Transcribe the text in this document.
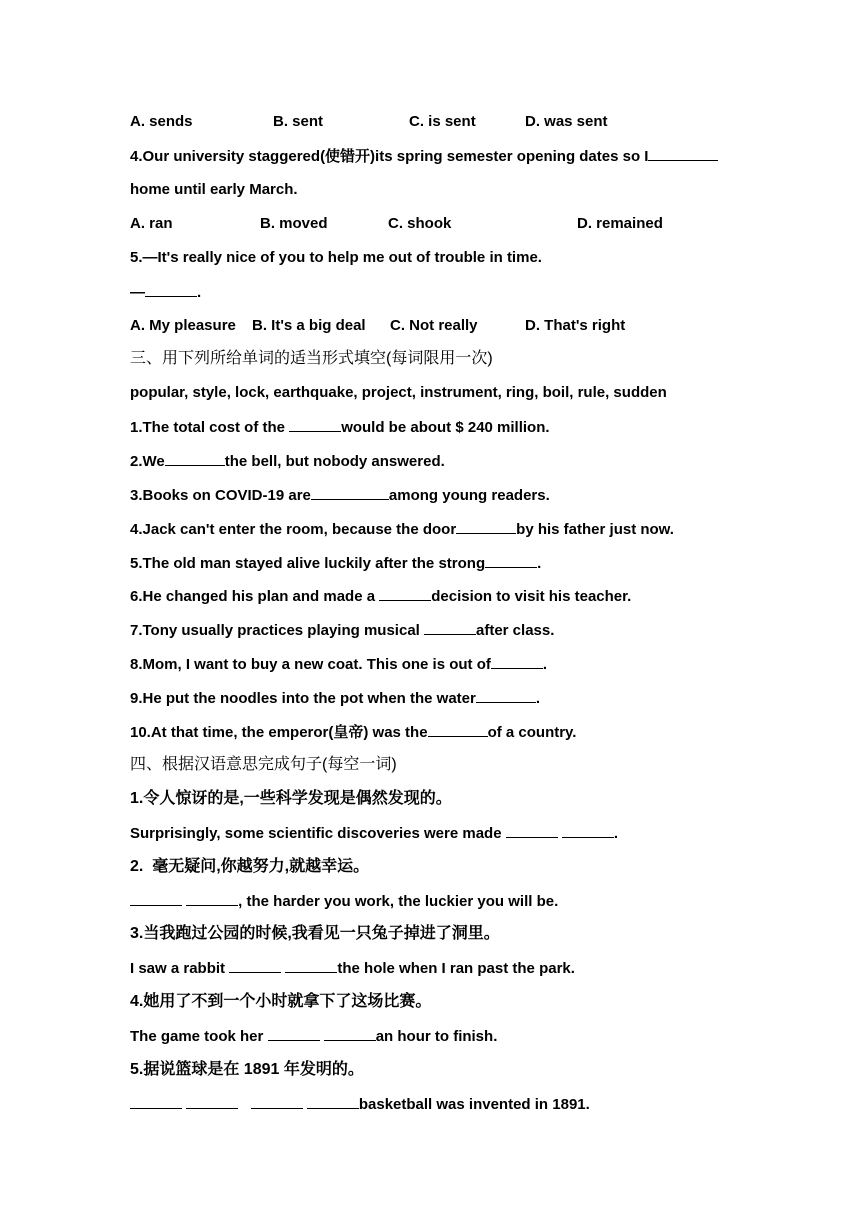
A. sends	B. sent	C. is sent	D. was sent
4.Our university staggered(使错开)its spring semester opening dates so I
home until early March.
A. ran	B. moved	C. shook	D. remained
5.—It's really nice of you to help me out of trouble in time.
—	.
A. My pleasure B. It's a big deal C. Not really	D. That's right
三、用下列所给单词的适当形式填空(每词限用一次)
popular, style, lock, earthquake, project, instrument, ring, boil, rule, sudden
1.The total cost of the	would be about $ 240 million.
2.We	the bell, but nobody answered.
3.Books on COVID-19 are	among young readers.
4.Jack can't enter the room, because the door	by his father just now.
5.The old man stayed alive luckily after the strong	.
6.He changed his plan and made a	decision to visit his teacher.
7.Tony usually practices playing musical	after class.
8.Mom, I want to buy a new coat. This one is out of	.
9.He put the noodles into the pot when the water	.
10.At that time, the emperor(皇帝) was the	of a country.
四、根据汉语意思完成句子(每空一词)
1.令人惊讶的是,一些科学发现是偶然发现的。
Surprisingly, some scientific discoveries were made	.
2.  毫无疑问,你越努力,就越幸运。
, the harder you work, the luckier you will be.
3.当我跑过公园的时候,我看见一只兔子掉进了洞里。
I saw a rabbit	the hole when I ran past the park.
4.她用了不到一个小时就拿下了这场比赛。
The game took her	an hour to finish.
5.据说篮球是在 1891 年发明的。
basketball was invented in 1891.
